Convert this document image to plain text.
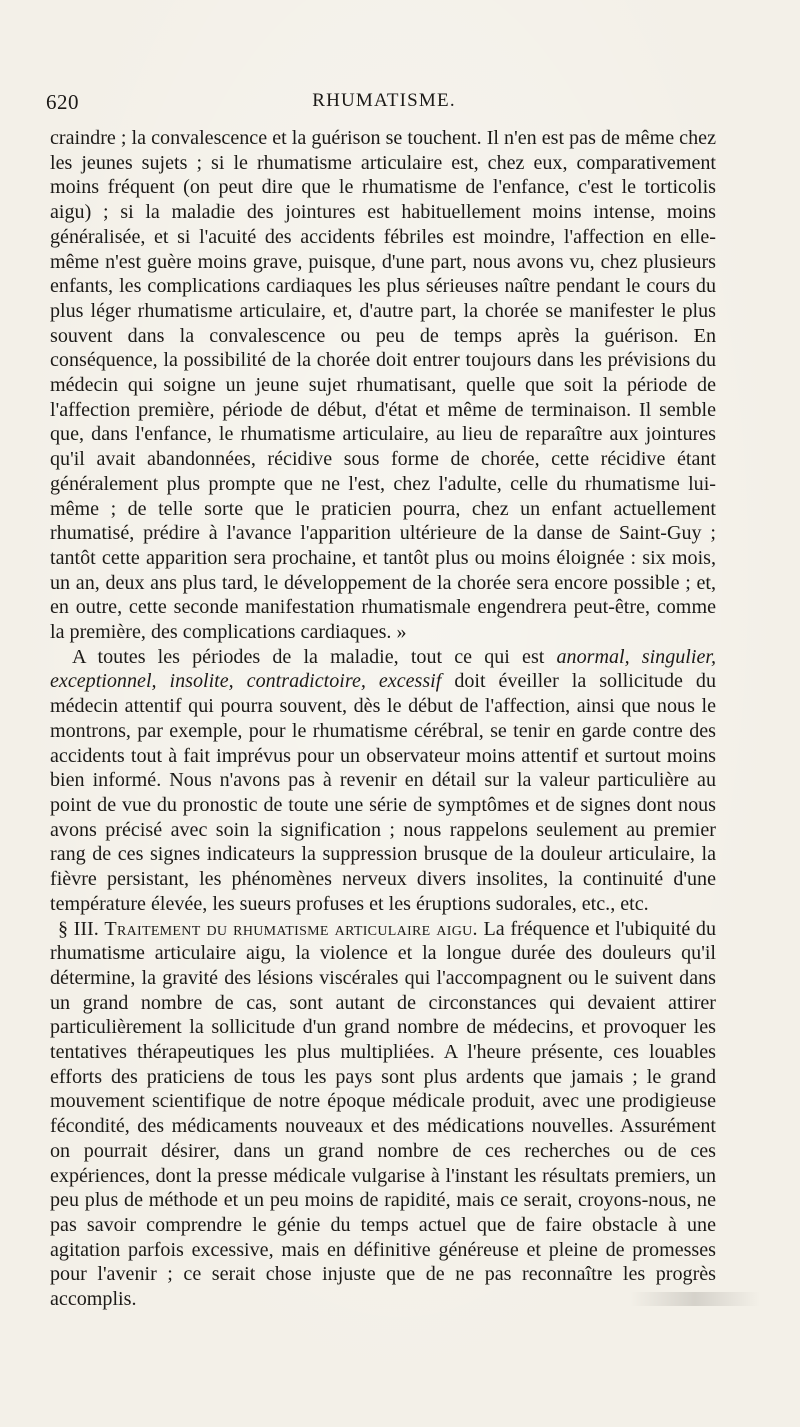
620	RHUMATISME.

craindre ; la convalescence et la guérison se touchent. Il n'en est pas de même chez les jeunes sujets ; si le rhumatisme articulaire est, chez eux, comparativement moins fréquent (on peut dire que le rhumatisme de l'enfance, c'est le torticolis aigu) ; si la maladie des jointures est habituellement moins intense, moins généralisée, et si l'acuité des accidents fébriles est moindre, l'affection en elle-même n'est guère moins grave, puisque, d'une part, nous avons vu, chez plusieurs enfants, les complications cardiaques les plus sérieuses naître pendant le cours du plus léger rhumatisme articulaire, et, d'autre part, la chorée se manifester le plus souvent dans la convalescence ou peu de temps après la guérison. En conséquence, la possibilité de la chorée doit entrer toujours dans les prévisions du médecin qui soigne un jeune sujet rhumatisant, quelle que soit la période de l'affection première, période de début, d'état et même de terminaison. Il semble que, dans l'enfance, le rhumatisme articulaire, au lieu de reparaître aux jointures qu'il avait abandonnées, récidive sous forme de chorée, cette récidive étant généralement plus prompte que ne l'est, chez l'adulte, celle du rhumatisme lui-même ; de telle sorte que le praticien pourra, chez un enfant actuellement rhumatisé, prédire à l'avance l'apparition ultérieure de la danse de Saint-Guy ; tantôt cette apparition sera prochaine, et tantôt plus ou moins éloignée : six mois, un an, deux ans plus tard, le développement de la chorée sera encore possible ; et, en outre, cette seconde manifestation rhumatismale engendrera peut-être, comme la première, des complications cardiaques. »

A toutes les périodes de la maladie, tout ce qui est anormal, singulier, exceptionnel, insolite, contradictoire, excessif doit éveiller la sollicitude du médecin attentif qui pourra souvent, dès le début de l'affection, ainsi que nous le montrons, par exemple, pour le rhumatisme cérébral, se tenir en garde contre des accidents tout à fait imprévus pour un observateur moins attentif et surtout moins bien informé. Nous n'avons pas à revenir en détail sur la valeur particulière au point de vue du pronostic de toute une série de symptômes et de signes dont nous avons précisé avec soin la signification ; nous rappelons seulement au premier rang de ces signes indicateurs la suppression brusque de la douleur articulaire, la fièvre persistant, les phénomènes nerveux divers insolites, la continuité d'une température élevée, les sueurs profuses et les éruptions sudorales, etc., etc.

§ III. Traitement du rhumatisme articulaire aigu. La fréquence et l'ubiquité du rhumatisme articulaire aigu, la violence et la longue durée des douleurs qu'il détermine, la gravité des lésions viscérales qui l'accompagnent ou le suivent dans un grand nombre de cas, sont autant de circonstances qui devaient attirer particulièrement la sollicitude d'un grand nombre de médecins, et provoquer les tentatives thérapeutiques les plus multipliées. A l'heure présente, ces louables efforts des praticiens de tous les pays sont plus ardents que jamais ; le grand mouvement scientifique de notre époque médicale produit, avec une prodigieuse fécondité, des médicaments nouveaux et des médications nouvelles. Assurément on pourrait désirer, dans un grand nombre de ces recherches ou de ces expériences, dont la presse médicale vulgarise à l'instant les résultats premiers, un peu plus de méthode et un peu moins de rapidité, mais ce serait, croyons-nous, ne pas savoir comprendre le génie du temps actuel que de faire obstacle à une agitation parfois excessive, mais en définitive généreuse et pleine de promesses pour l'avenir ; ce serait chose injuste que de ne pas reconnaître les progrès accomplis.
